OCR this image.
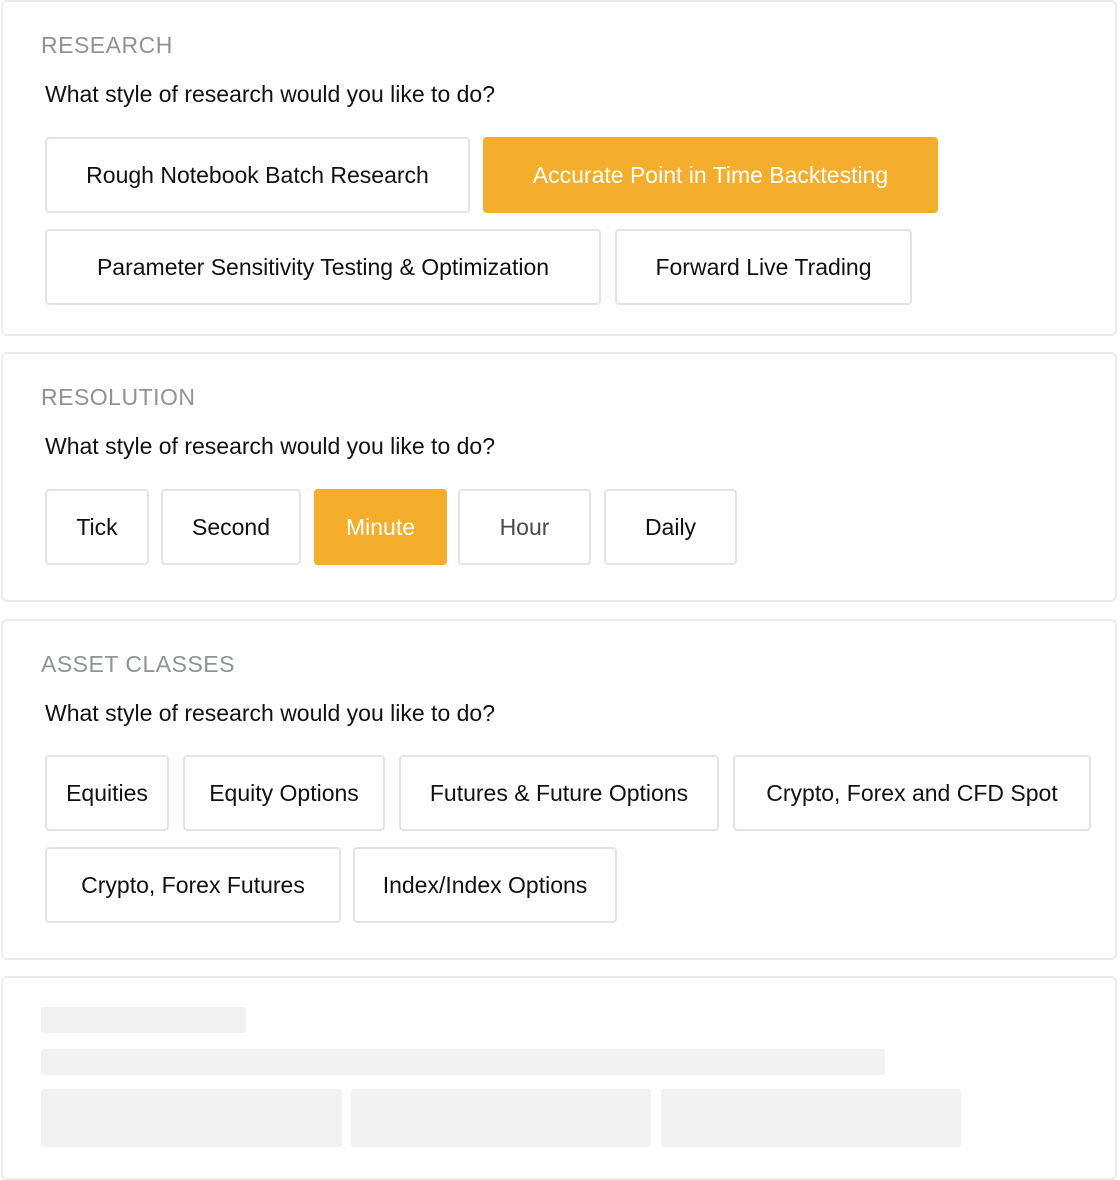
RESEARCH

What style of research would you like to do?

Rough Notebook Batch Research	Accurate Point in Time Backtesting
Parameter Sensitivity Testing & Optimization	Forward Live Trading
RESOLUTION

What style of research would you like to do?

Tick	Second	Minute	Hour	Daily
ASSET CLASSES

What style of research would you like to do?

Equities	Equity Options	Futures & Future Options	Crypto, Forex and CFD Spot
Crypto, Forex Futures	Index/Index Options
